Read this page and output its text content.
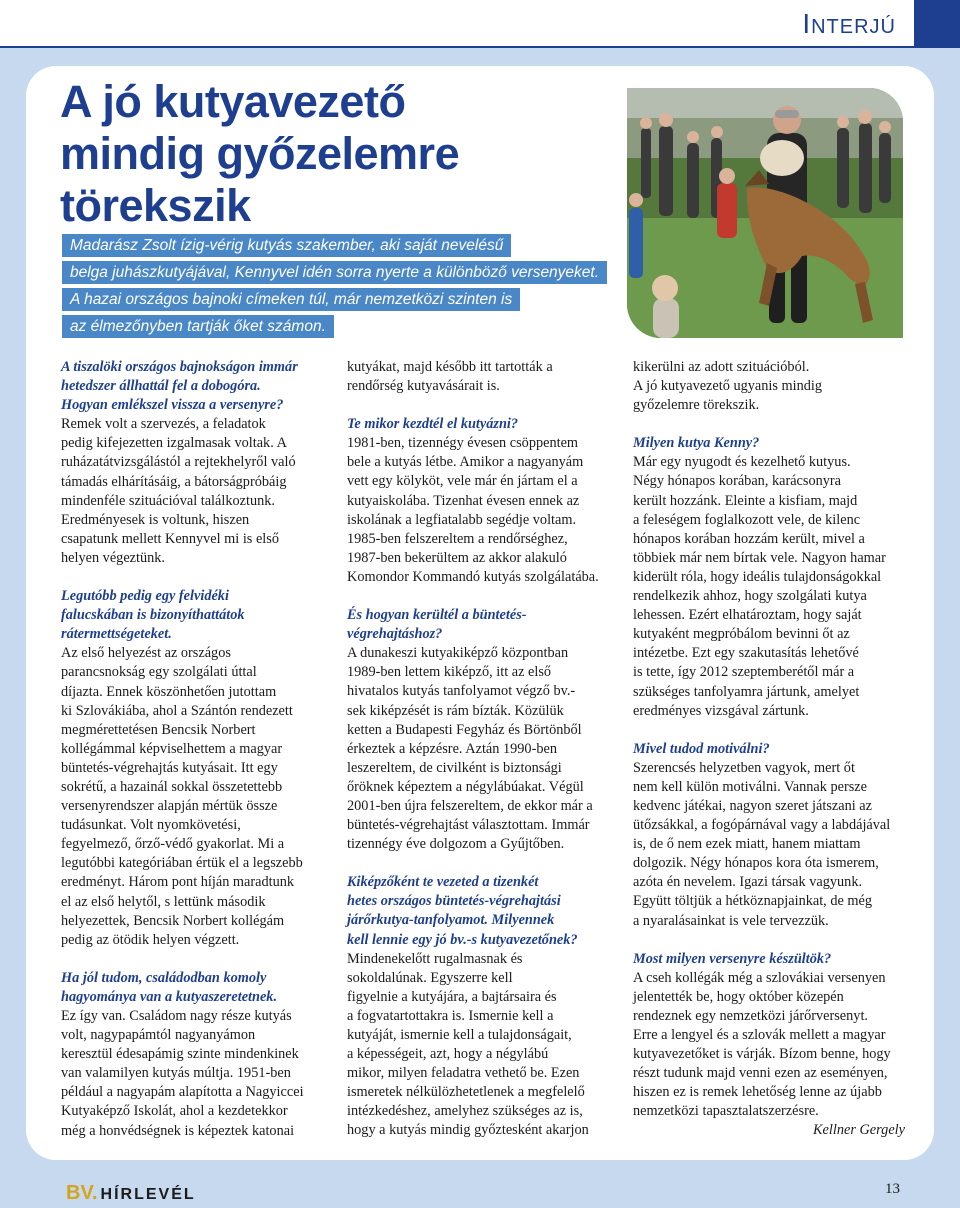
INTERJÚ
A jó kutyavezető
mindig győzelemre
törekszik
Madarász Zsolt ízig-vérig kutyás szakember, aki saját nevelésű
belga juhászkutyájával, Kennyvel idén sorra nyerte a különböző versenyeket.
A hazai országos bajnoki címeken túl, már nemzetközi szinten is
az élmezőnyben tartják őket számon.

A tiszalöki országos bajnokságon immár
hetedszer állhattál fel a dobogóra.
Hogyan emlékszel vissza a versenyre?
Remek volt a szervezés, a feladatok
pedig kifejezetten izgalmasak voltak. A
ruházatátvizsgálástól a rejtekhelyről való
támadás elhárításáig, a bátorságpróbáig
mindenféle szituációval találkoztunk.
Eredményesek is voltunk, hiszen
csapatunk mellett Kennyvel mi is első
helyen végeztünk.
Legutóbb pedig egy felvidéki
falucskában is bizonyíthattátok
rátermettségeteket.
Az első helyezést az országos
parancsnokság egy szolgálati úttal
díjazta. Ennek köszönhetően jutottam
ki Szlovákiába, ahol a Szántón rendezett
megmérettetésen Bencsik Norbert
kollégámmal képviselhettem a magyar
büntetés-végrehajtás kutyásait. Itt egy
sokrétű, a hazainál sokkal összetettebb
versenyrendszer alapján mértük össze
tudásunkat. Volt nyomkövetési,
fegyelmező, őrző-védő gyakorlat. Mi a
legutóbbi kategóriában értük el a legszebb
eredményt. Három pont híján maradtunk
el az első helytől, s lettünk második
helyezettek, Bencsik Norbert kollégám
pedig az ötödik helyen végzett.
Ha jól tudom, családodban komoly
hagyománya van a kutyaszeretetnek.
Ez így van. Családom nagy része kutyás
volt, nagypapámtól nagyanyámon
keresztül édesapámig szinte mindenkinek
van valamilyen kutyás múltja. 1951-ben
például a nagyapám alapította a Nagyiccei
Kutyaképző Iskolát, ahol a kezdetekkor
még a honvédségnek is képeztek katonai
kutyákat, majd később itt tartották a
rendőrség kutyavásárait is.
Te mikor kezdtél el kutyázni?
1981-ben, tizennégy évesen csöppentem
bele a kutyás létbe. Amikor a nagyanyám
vett egy kölyköt, vele már én jártam el a
kutyaiskolába. Tizenhat évesen ennek az
iskolának a legfiatalabb segédje voltam.
1985-ben felszereltem a rendőrséghez,
1987-ben bekerültem az akkor alakuló
Komondor Kommandó kutyás szolgálatába.
És hogyan kerültél a büntetés-
végrehajtáshoz?
A dunakeszi kutyakiképző központban
1989-ben lettem kiképző, itt az első
hivatalos kutyás tanfolyamot végző bv.-
sek kiképzését is rám bízták. Közülük
ketten a Budapesti Fegyház és Börtönből
érkeztek a képzésre. Aztán 1990-ben
leszereltem, de civilként is biztonsági
őröknek képeztem a négylábúakat. Végül
2001-ben újra felszereltem, de ekkor már a
büntetés-végrehajtást választottam. Immár
tizennégy éve dolgozom a Gyűjtőben.
Kiképzőként te vezeted a tizenkét
hetes országos büntetés-végrehajtási
járőrkutya-tanfolyamot. Milyennek
kell lennie egy jó bv.-s kutyavezetőnek?
Mindenekelőtt rugalmasnak és
sokoldalúnak. Egyszerre kell
figyelnie a kutyájára, a bajtársaira és
a fogvatartottakra is. Ismernie kell a
kutyáját, ismernie kell a tulajdonságait,
a képességeit, azt, hogy a négylábú
mikor, milyen feladatra vethető be. Ezen
ismeretek nélkülözhetetlenek a megfelelő
intézkedéshez, amelyhez szükséges az is,
hogy a kutyás mindig győztesként akarjon
kikerülni az adott szituációból.
A jó kutyavezető ugyanis mindig
győzelemre törekszik.
Milyen kutya Kenny?
Már egy nyugodt és kezelhető kutyus.
Négy hónapos korában, karácsonyra
került hozzánk. Eleinte a kisfiam, majd
a feleségem foglalkozott vele, de kilenc
hónapos korában hozzám került, mivel a
többiek már nem bírtak vele. Nagyon hamar
kiderült róla, hogy ideális tulajdonságokkal
rendelkezik ahhoz, hogy szolgálati kutya
lehessen. Ezért elhatároztam, hogy saját
kutyaként megpróbálom bevinni őt az
intézetbe. Ezt egy szakutasítás lehetővé
is tette, így 2012 szeptemberétől már a
szükséges tanfolyamra jártunk, amelyet
eredményes vizsgával zártunk.
Mivel tudod motiválni?
Szerencsés helyzetben vagyok, mert őt
nem kell külön motiválni. Vannak persze
kedvenc játékai, nagyon szeret játszani az
ütőzsákkal, a fogópárnával vagy a labdájával
is, de ő nem ezek miatt, hanem miattam
dolgozik. Négy hónapos kora óta ismerem,
azóta én nevelem. Igazi társak vagyunk.
Együtt töltjük a hétköznapjainkat, de még
a nyaralásainkat is vele tervezzük.
Most milyen versenyre készültök?
A cseh kollégák még a szlovákiai versenyen
jelentették be, hogy október közepén
rendeznek egy nemzetközi járőrversenyt.
Erre a lengyel és a szlovák mellett a magyar
kutyavezetőket is várják. Bízom benne, hogy
részt tudunk majd venni ezen az eseményen,
hiszen ez is remek lehetőség lenne az újabb
nemzetközi tapasztalatszerzésre.
Kellner Gergely
BV. HÍRLEVÉL	13
